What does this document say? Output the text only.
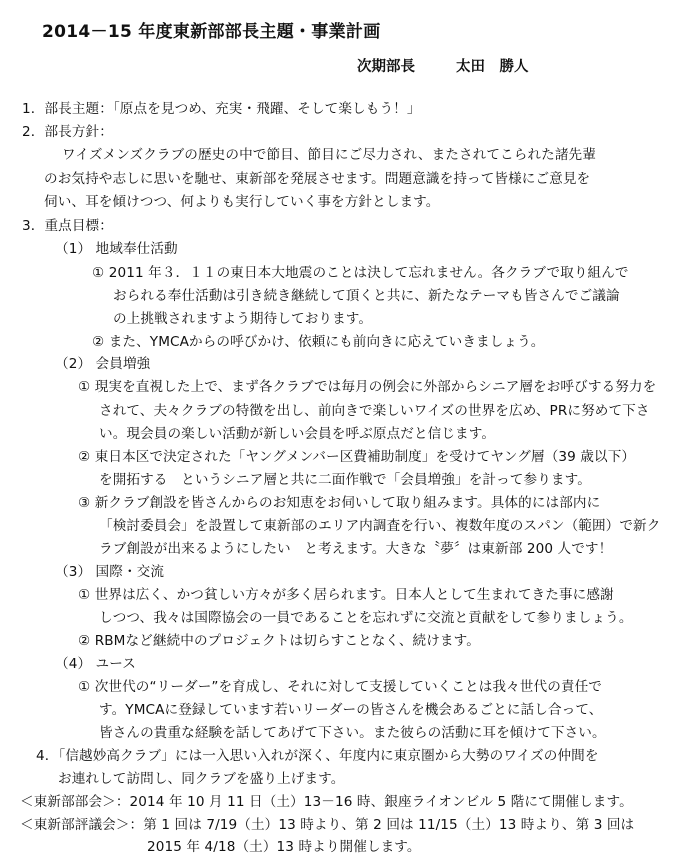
2014－15 年度東新部部長主題・事業計画
次期部長	太田　勝人
1．部長主題：「原点を見つめ、充実・飛躍、そして楽しもう！」
2．部長方針：
ワイズメンズクラブの歴史の中で節目、節目にご尽力され、またされてこられた諸先輩
のお気持や志しに思いを馳せ、東新部を発展させます。問題意識を持って皆様にご意見を
伺い、耳を傾けつつ、何よりも実行していく事を方針とします。
3．重点目標：
（1） 地域奉仕活動
① 2011 年３．１１の東日本大地震のことは決して忘れません。各クラブで取り組んで
おられる奉仕活動は引き続き継続して頂くと共に、新たなテーマも皆さんでご議論
の上挑戦されますよう期待しております。
② また、YMCAからの呼びかけ、依頼にも前向きに応えていきましょう。
（2） 会員増強
① 現実を直視した上で、まず各クラブでは毎月の例会に外部からシニア層をお呼びする努力を
されて、夫々クラブの特徴を出し、前向きで楽しいワイズの世界を広め、PRに努めて下さ
い。現会員の楽しい活動が新しい会員を呼ぶ原点だと信じます。
② 東日本区で決定された「ヤングメンバー区費補助制度」を受けてヤング層（39 歳以下）
を開拓する　というシニア層と共に二面作戦で「会員増強」を計って参ります。
③ 新クラブ創設を皆さんからのお知恵をお伺いして取り組みます。具体的には部内に
「検討委員会」を設置して東新部のエリア内調査を行い、複数年度のスパン（範囲）で新ク
ラブ創設が出来るようにしたい　と考えます。大きな〝夢〞は東新部 200 人です！
（3） 国際・交流
① 世界は広く、かつ貧しい方々が多く居られます。日本人として生まれてきた事に感謝
しつつ、我々は国際協会の一員であることを忘れずに交流と貢献をして参りましょう。
② RBMなど継続中のプロジェクトは切らすことなく、続けます。
（4） ユース
① 次世代の“リーダー”を育成し、それに対して支援していくことは我々世代の責任で
す。YMCAに登録しています若いリーダーの皆さんを機会あるごとに話し合って、
皆さんの貴重な経験を話してあげて下さい。また彼らの活動に耳を傾けて下さい。
4．「信越妙高クラブ」には一入思い入れが深く、年度内に東京圏から大勢のワイズの仲間を
お連れして訪問し、同クラブを盛り上げます。
＜東新部部会＞：2014 年 10 月 11 日（土）13－16 時、銀座ライオンビル 5 階にて開催します。
＜東新部評議会＞：第 1 回は 7/19（土）13 時より、第 2 回は 11/15（土）13 時より、第 3 回は
2015 年 4/18（土）13 時より開催します。
